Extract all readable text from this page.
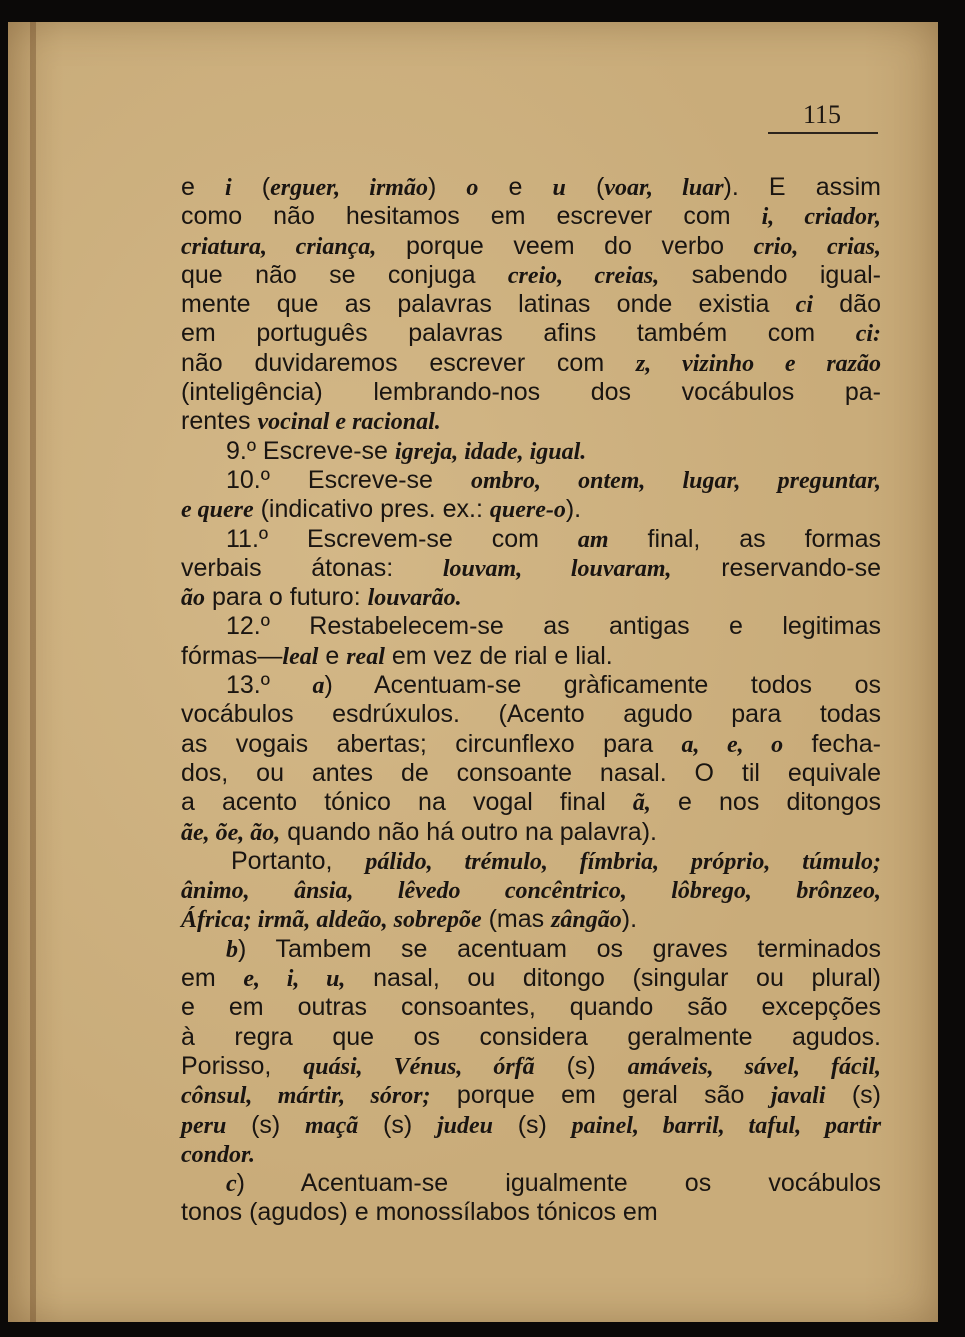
115
e i (erguer, irmão) o e u (voar, luar). E assim
como não hesitamos em escrever com i, criador,
criatura, criança, porque veem do verbo crio, crias,
que não se conjuga creio, creias, sabendo igual-
mente que as palavras latinas onde existia ci dão
em português palavras afins também com ci:
não duvidaremos escrever com z, vizinho e razão
(inteligência) lembrando-nos dos vocábulos pa-
rentes vocinal e racional.
9.º Escreve-se igreja, idade, igual.
10.º Escreve-se ombro, ontem, lugar, preguntar,
e quere (indicativo pres. ex.: quere-o).
11.º Escrevem-se com am final, as formas
verbais átonas: louvam, louvaram, reservando-se
ão para o futuro: louvarão.
12.º Restabelecem-se as antigas e legitimas
fórmas—leal e real em vez de rial e lial.
13.º a) Acentuam-se gràficamente todos os
vocábulos esdrúxulos. (Acento agudo para todas
as vogais abertas; circunflexo para a, e, o fecha-
dos, ou antes de consoante nasal. O til equivale
a acento tónico na vogal final ã, e nos ditongos
ãe, õe, ão, quando não há outro na palavra).
Portanto, pálido, trémulo, fímbria, próprio, túmulo;
ânimo, ânsia, lêvedo concêntrico, lôbrego, brônzeo,
África; irmã, aldeão, sobrepõe (mas zângão).
b) Tambem se acentuam os graves terminados
em e, i, u, nasal, ou ditongo (singular ou plural)
e em outras consoantes, quando são excepções
à regra que os considera geralmente agudos.
Porisso, quási, Vénus, órfã (s) amáveis, sável, fácil,
cônsul, mártir, sóror; porque em geral são javali (s)
peru (s) maçã (s) judeu (s) painel, barril, taful, partir
condor.
c) Acentuam-se igualmente os vocábulos
tonos (agudos) e monossílabos tónicos em
